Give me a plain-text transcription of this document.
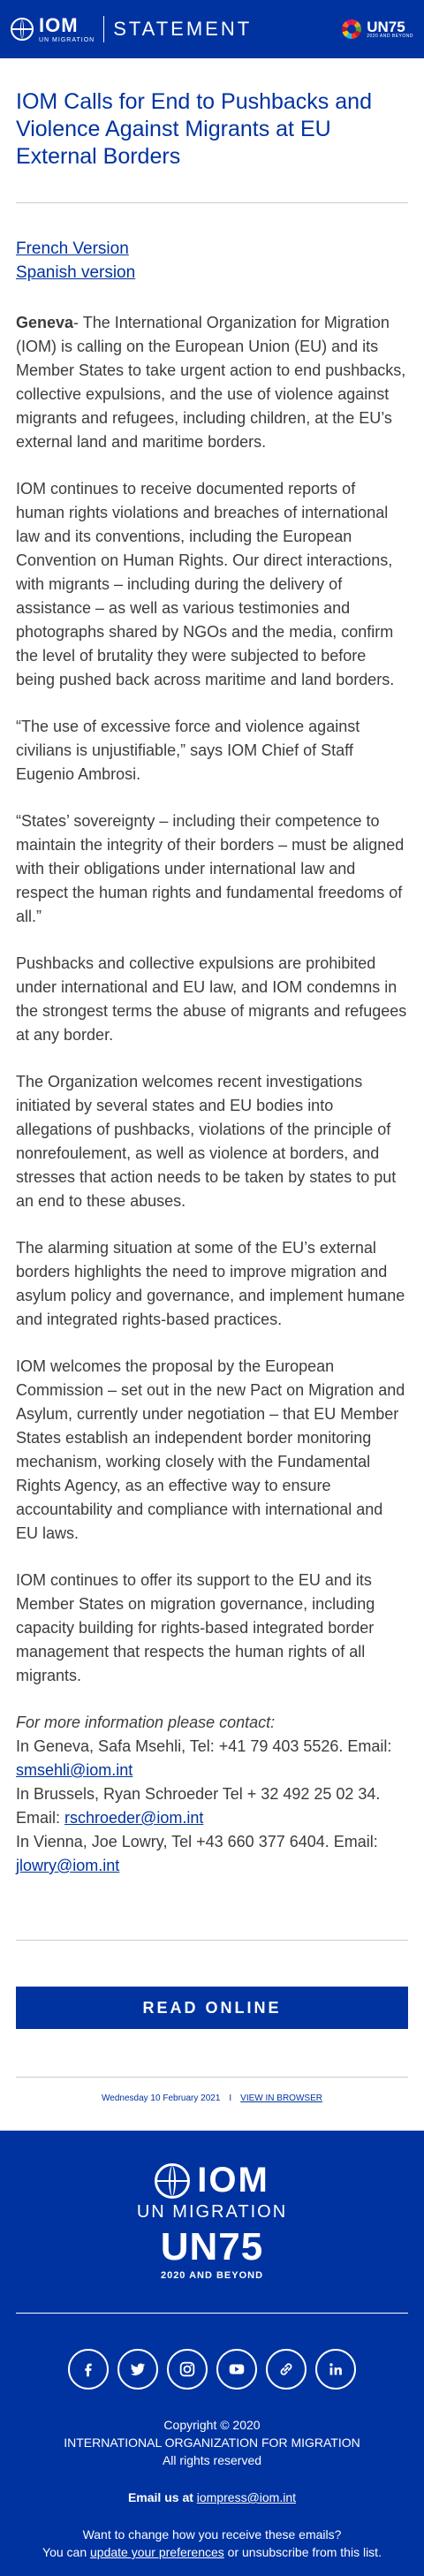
IOM
UN MIGRATION STATEMENT	UN75
2020 AND BEYOND
IOM Calls for End to Pushbacks and Violence Against Migrants at EU External Borders
French Version
Spanish version

Geneva- The International Organization for Migration (IOM) is calling on the European Union (EU) and its Member States to take urgent action to end pushbacks, collective expulsions, and the use of violence against migrants and refugees, including children, at the EU’s external land and maritime borders.

IOM continues to receive documented reports of human rights violations and breaches of international law and its conventions, including the European Convention on Human Rights. Our direct interactions, with migrants – including during the delivery of assistance – as well as various testimonies and photographs shared by NGOs and the media, confirm the level of brutality they were subjected to before being pushed back across maritime and land borders.

“The use of excessive force and violence against civilians is unjustifiable,” says IOM Chief of Staff Eugenio Ambrosi.

“States’ sovereignty – including their competence to maintain the integrity of their borders – must be aligned with their obligations under international law and respect the human rights and fundamental freedoms of all.”

Pushbacks and collective expulsions are prohibited under international and EU law, and IOM condemns in the strongest terms the abuse of migrants and refugees at any border.

The Organization welcomes recent investigations initiated by several states and EU bodies into allegations of pushbacks, violations of the principle of nonrefoulement, as well as violence at borders, and stresses that action needs to be taken by states to put an end to these abuses.

The alarming situation at some of the EU’s external borders highlights the need to improve migration and asylum policy and governance, and implement humane and integrated rights-based practices.

IOM welcomes the proposal by the European Commission – set out in the new Pact on Migration and Asylum, currently under negotiation – that EU Member States establish an independent border monitoring mechanism, working closely with the Fundamental Rights Agency, as an effective way to ensure accountability and compliance with international and EU laws.

IOM continues to offer its support to the EU and its Member States on migration governance, including capacity building for rights-based integrated border management that respects the human rights of all migrants.

For more information please contact:
In Geneva, Safa Msehli, Tel: +41 79 403 5526. Email:
smsehli@iom.int
In Brussels, Ryan Schroeder Tel + 32 492 25 02 34. Email: rschroeder@iom.int
In Vienna, Joe Lowry, Tel +43 660 377 6404. Email:
jlowry@iom.int
READ ONLINE
Wednesday 10 February 2021 I VIEW IN BROWSER
IOM
UN MIGRATION
UN75
2020 AND BEYOND
Copyright © 2020
INTERNATIONAL ORGANIZATION FOR MIGRATION
All rights reserved
Email us at iompress@iom.int
Want to change how you receive these emails?
You can update your preferences or unsubscribe from this list.
